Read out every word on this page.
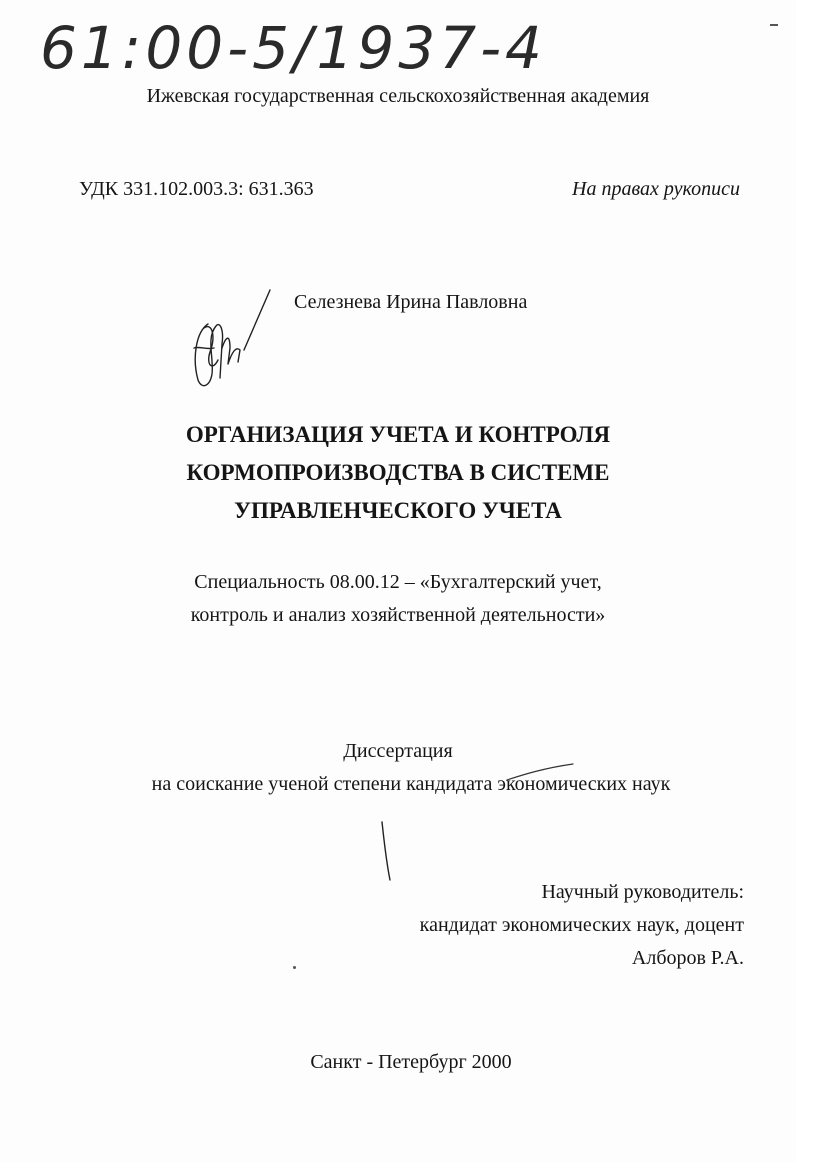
61:00-5/1937-4

Ижевская государственная сельскохозяйственная академия

УДК 331.102.003.3: 631.363	На правах рукописи

Селезнева Ирина Павловна

ОРГАНИЗАЦИЯ УЧЕТА И КОНТРОЛЯ
КОРМОПРОИЗВОДСТВА В СИСТЕМЕ
УПРАВЛЕНЧЕСКОГО УЧЕТА
Специальность 08.00.12 – «Бухгалтерский учет,
контроль и анализ хозяйственной деятельности»

Диссертация

на соискание ученой степени кандидата экономических наук

Научный руководитель:

кандидат экономических наук, доцент

Алборов Р.А.

Санкт - Петербург 2000
